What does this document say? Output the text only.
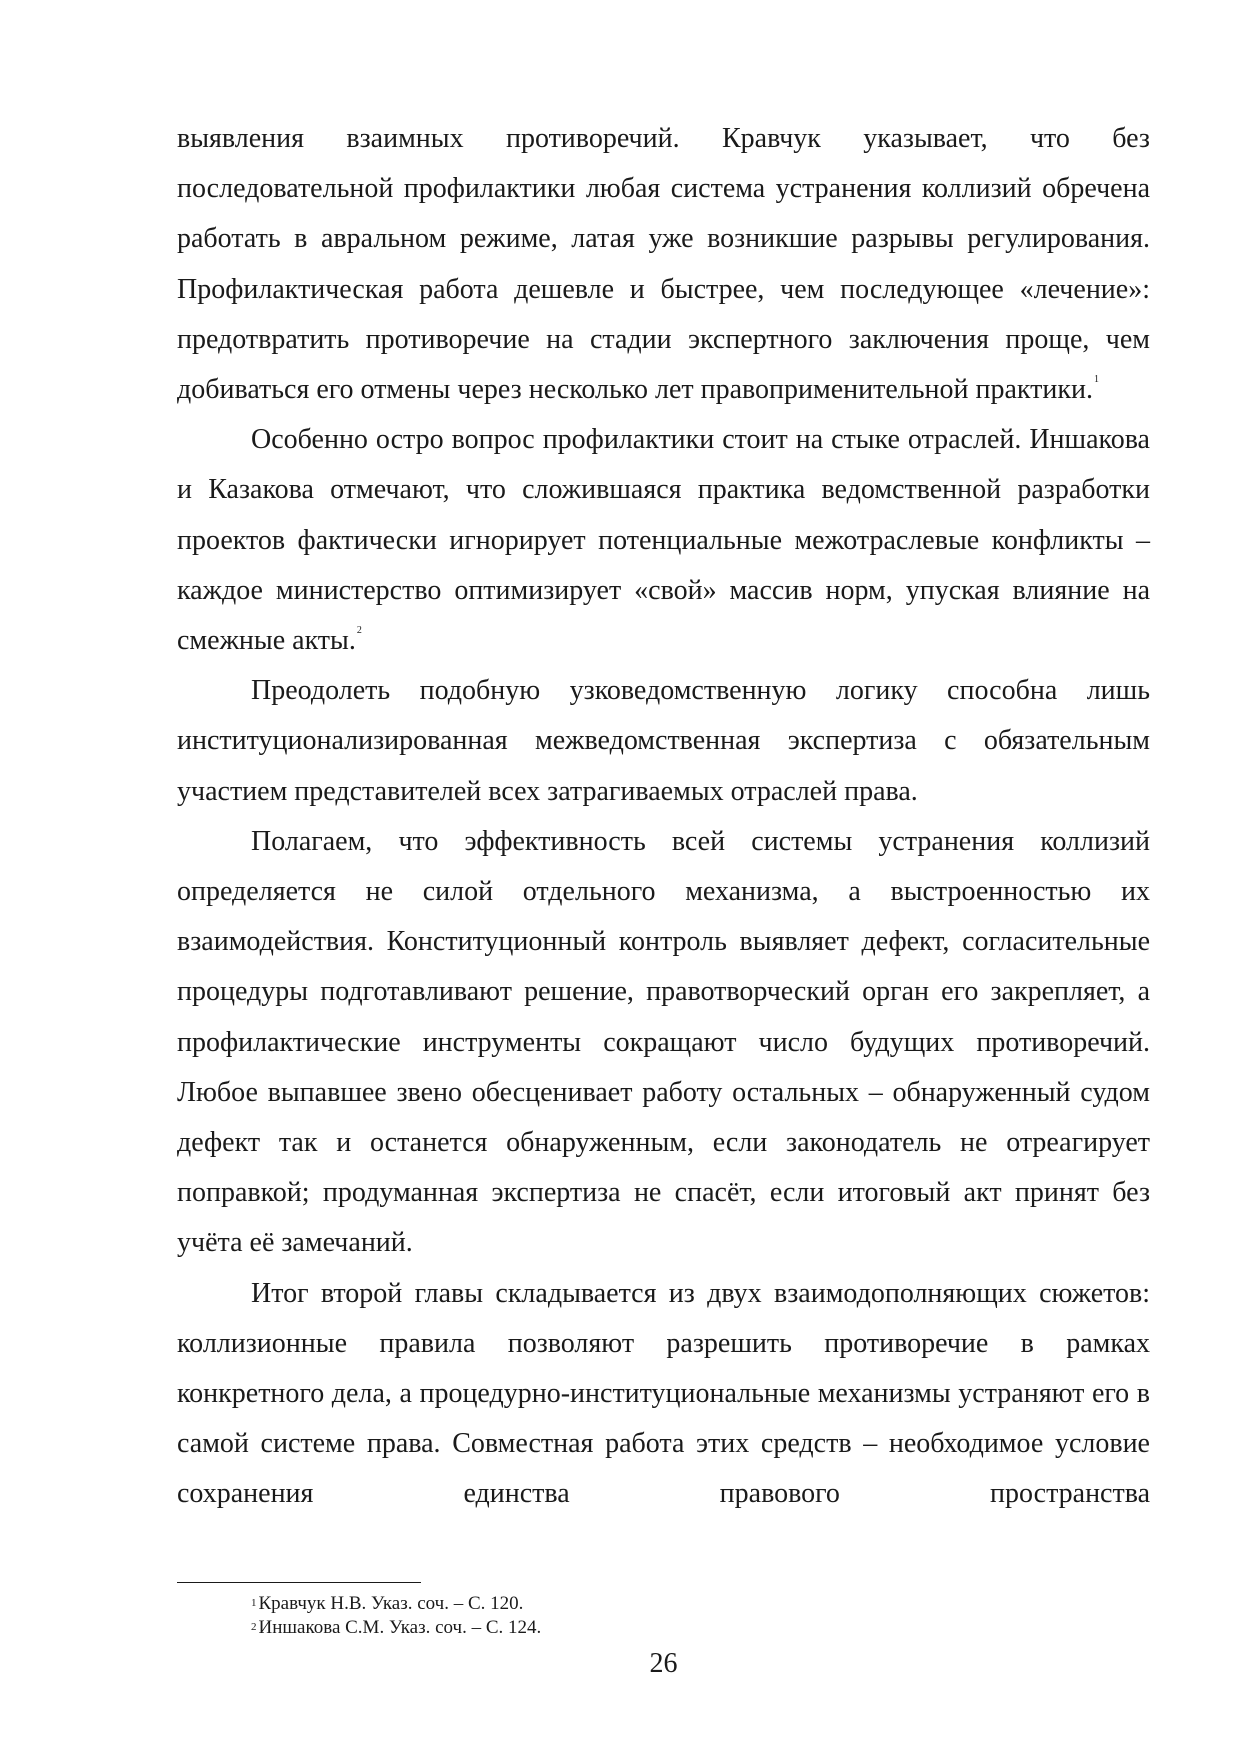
выявления взаимных противоречий. Кравчук указывает, что без последовательной профилактики любая система устранения коллизий обречена работать в авральном режиме, латая уже возникшие разрывы регулирования. Профилактическая работа дешевле и быстрее, чем последующее «лечение»: предотвратить противоречие на стадии экспертного заключения проще, чем добиваться его отмены через несколько лет правоприменительной практики.$^1$

Особенно остро вопрос профилактики стоит на стыке отраслей. Иншакова и Казакова отмечают, что сложившаяся практика ведомственной разработки проектов фактически игнорирует потенциальные межотраслевые конфликты – каждое министерство оптимизирует «свой» массив норм, упуская влияние на смежные акты.$^2$

Преодолеть подобную узковедомственную логику способна лишь институционализированная межведомственная экспертиза с обязательным участием представителей всех затрагиваемых отраслей права.

Полагаем, что эффективность всей системы устранения коллизий определяется не силой отдельного механизма, а выстроенностью их взаимодействия. Конституционный контроль выявляет дефект, согласительные процедуры подготавливают решение, правотворческий орган его закрепляет, а профилактические инструменты сокращают число будущих противоречий. Любое выпавшее звено обесценивает работу остальных – обнаруженный судом дефект так и останется обнаруженным, если законодатель не отреагирует поправкой; продуманная экспертиза не спасёт, если итоговый акт принят без учёта её замечаний.

Итог второй главы складывается из двух взаимодополняющих сюжетов: коллизионные правила позволяют разрешить противоречие в рамках конкретного дела, а процедурно-институциональные механизмы устраняют его в самой системе права. Совместная работа этих средств – необходимое условие сохранения единства правового пространства

$^1$ Кравчук Н.В. Указ. соч. – С. 120.

$^2$ Иншакова С.М. Указ. соч. – С. 124.

26
